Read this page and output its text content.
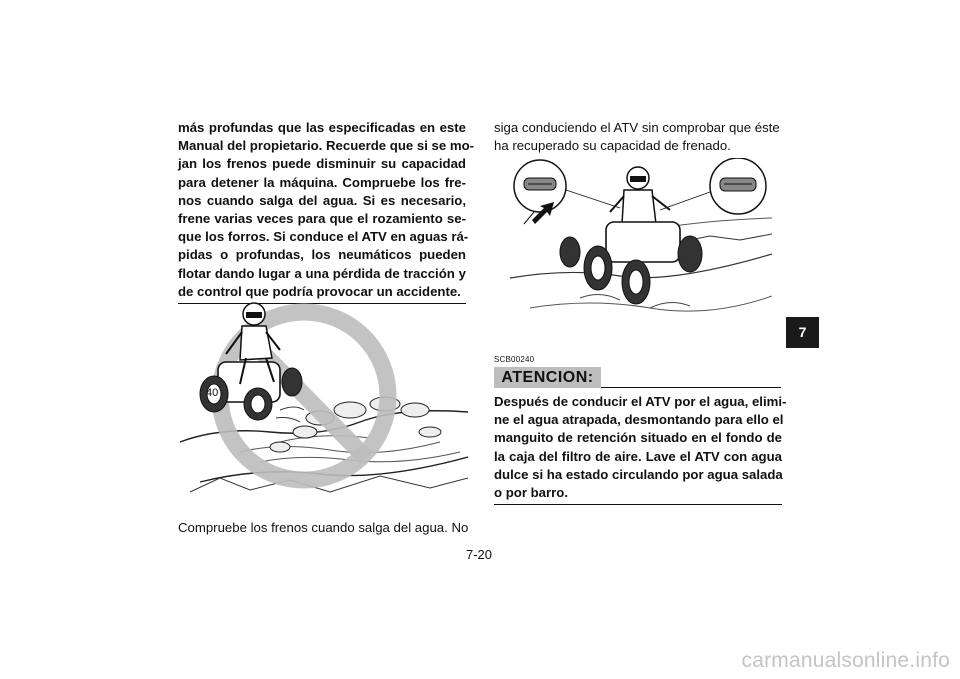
más profundas que las especificadas en este
Manual del propietario. Recuerde que si se mo-
jan los frenos puede disminuir su capacidad
para detener la máquina. Compruebe los fre-
nos cuando salga del agua. Si es necesario,
frene varias veces para que el rozamiento se-
que los forros. Si conduce el ATV en aguas rá-
pidas o profundas, los neumáticos pueden
flotar dando lugar a una pérdida de tracción y
de control que podría provocar un accidente.
40
Compruebe los frenos cuando salga del agua. No
siga conduciendo el ATV sin comprobar que éste
ha recuperado su capacidad de frenado.
SCB00240
ATENCION:
Después de conducir el ATV por el agua, elimi-
ne el agua atrapada, desmontando para ello el
manguito de retención situado en el fondo de
la caja del filtro de aire. Lave el ATV con agua
dulce si ha estado circulando por agua salada
o por barro.
7
7-20
carmanualsonline.info
